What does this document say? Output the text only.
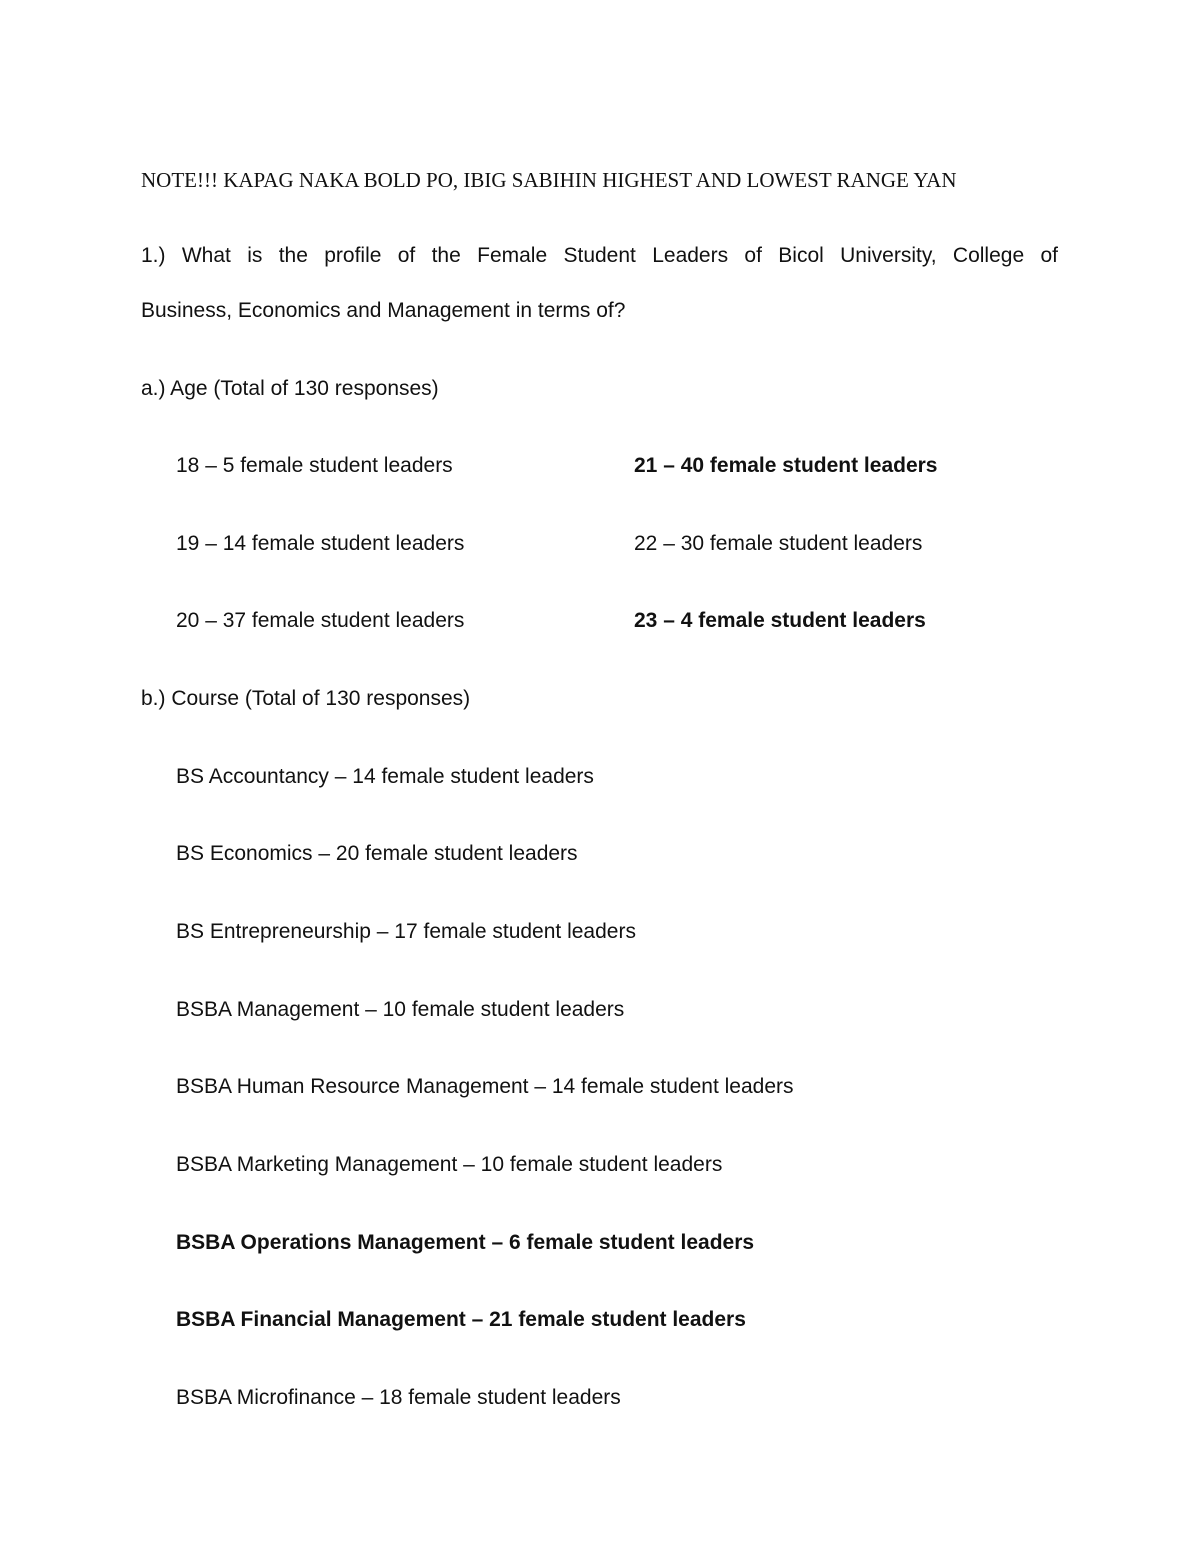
NOTE!!! KAPAG NAKA BOLD PO, IBIG SABIHIN HIGHEST AND LOWEST RANGE YAN
1.) What is the profile of the Female Student Leaders of Bicol University, College of
Business, Economics and Management in terms of?
a.) Age (Total of 130 responses)
18 – 5 female student leaders	21 – 40 female student leaders
19 – 14 female student leaders	22 – 30 female student leaders
20 – 37 female student leaders	23 – 4 female student leaders
b.) Course (Total of 130 responses)
BS Accountancy – 14 female student leaders
BS Economics – 20 female student leaders
BS Entrepreneurship – 17 female student leaders
BSBA Management – 10 female student leaders
BSBA Human Resource Management – 14 female student leaders
BSBA Marketing Management – 10 female student leaders
BSBA Operations Management – 6 female student leaders
BSBA Financial Management – 21 female student leaders
BSBA Microfinance – 18 female student leaders
